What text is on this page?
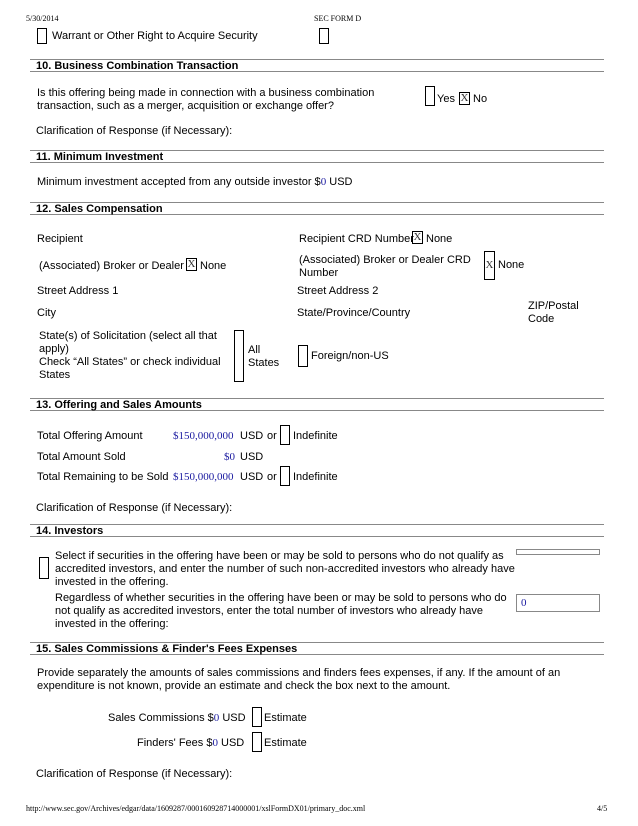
5/30/2014	SEC FORM D
Warrant or Other Right to Acquire Security
10. Business Combination Transaction
Is this offering being made in connection with a business combination
transaction, such as a merger, acquisition or exchange offer?
Yes X No
Clarification of Response (if Necessary):
11. Minimum Investment
Minimum investment accepted from any outside investor $0 USD
12. Sales Compensation
Recipient	Recipient CRD Number X None
(Associated) Broker or Dealer X None	(Associated) Broker or Dealer CRD
Number
X None
Street Address 1	Street Address 2
City	State/Province/Country
ZIP/Postal
Code
State(s) of Solicitation (select all that
apply)
Check “All States” or check individual
States
All
States
Foreign/non-US
13. Offering and Sales Amounts
Total Offering Amount	$150,000,000 USD or Indefinite
Total Amount Sold	$0 USD
Total Remaining to be Sold $150,000,000 USD or Indefinite
Clarification of Response (if Necessary):
14. Investors
Select if securities in the offering have been or may be sold to persons who do not qualify as
accredited investors, and enter the number of such non-accredited investors who already have
invested in the offering.
Regardless of whether securities in the offering have been or may be sold to persons who do
not qualify as accredited investors, enter the total number of investors who already have
invested in the offering:
0
15. Sales Commissions & Finder's Fees Expenses
Provide separately the amounts of sales commissions and finders fees expenses, if any. If the amount of an
expenditure is not known, provide an estimate and check the box next to the amount.
Sales Commissions $0 USD Estimate
Finders' Fees $0 USD Estimate
Clarification of Response (if Necessary):
http://www.sec.gov/Archives/edgar/data/1609287/000160928714000001/xslFormDX01/primary_doc.xml	4/5
